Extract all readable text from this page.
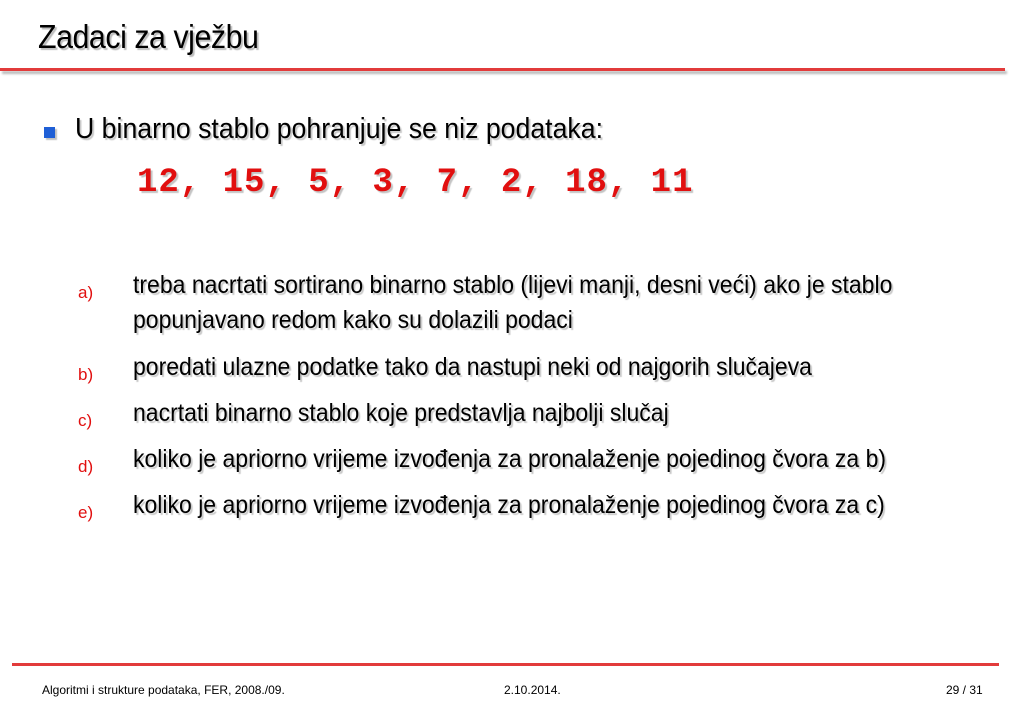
Zadaci za vježbu
U binarno stablo pohranjuje se niz podataka:
12, 15, 5, 3, 7, 2, 18, 11
a) treba nacrtati sortirano binarno stablo (lijevi manji, desni veći) ako je stablo popunjavano redom kako su dolazili podaci
b) poredati ulazne podatke tako da nastupi neki od najgorih slučajeva
c) nacrtati binarno stablo koje predstavlja najbolji slučaj
d) koliko je apriorno vrijeme izvođenja za pronalaženje pojedinog čvora za b)
e) koliko je apriorno vrijeme izvođenja za pronalaženje pojedinog čvora za c)
Algoritmi i strukture podataka, FER, 2008./09.	2.10.2014.	29 / 31
